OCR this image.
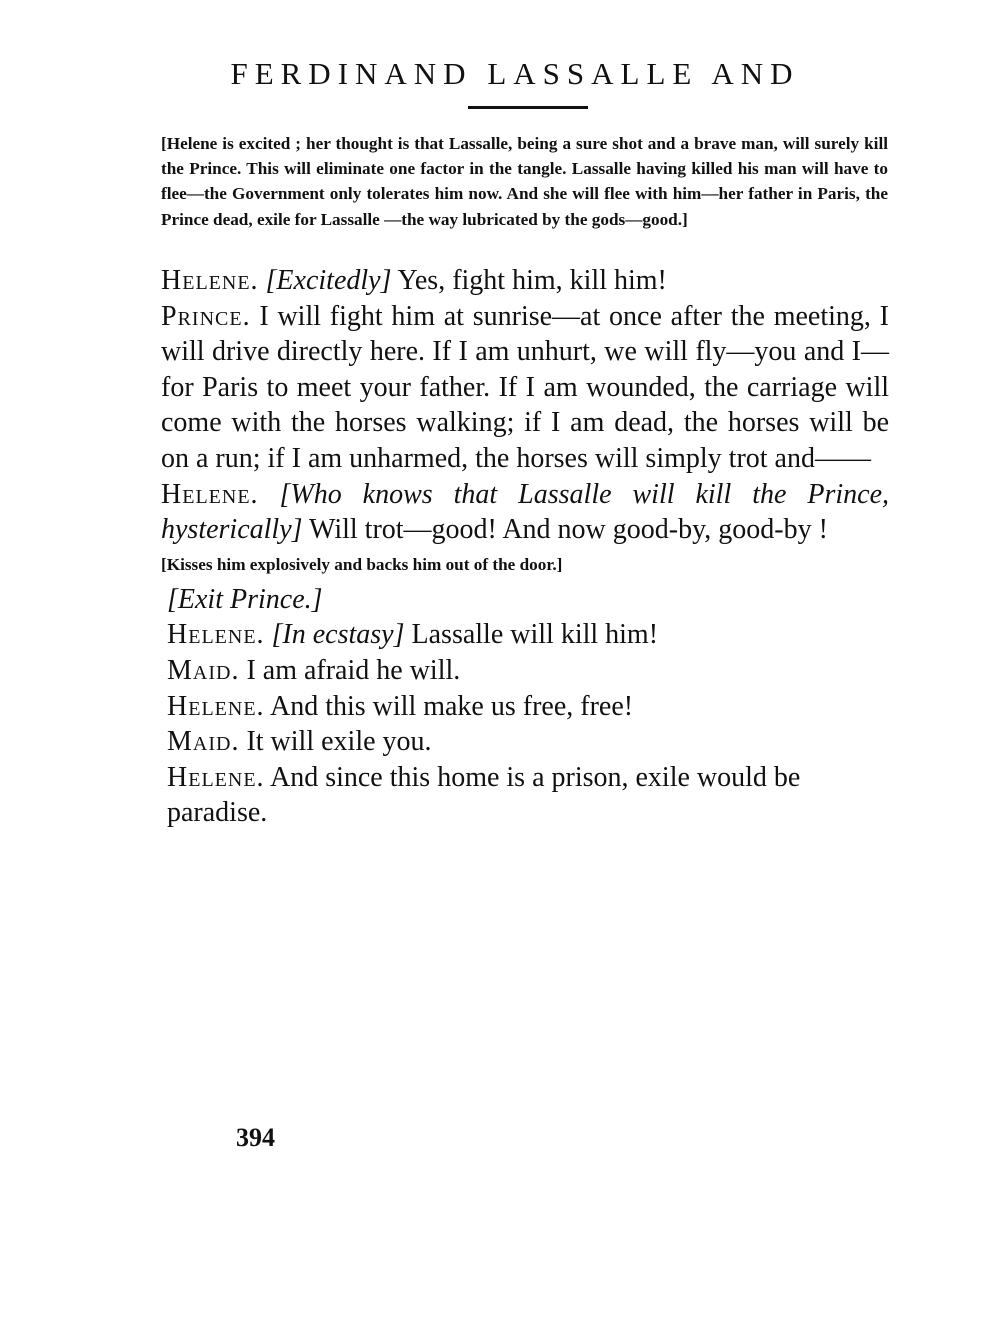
FERDINAND LASSALLE AND
[Helene is excited ; her thought is that Lassalle, being a sure shot and a brave man, will surely kill the Prince. This will eliminate one factor in the tangle. Lassalle having killed his man will have to flee—the Government only tolerates him now. And she will flee with him—her father in Paris, the Prince dead, exile for Lassalle —the way lubricated by the gods—good.]
Helene. [Excitedly] Yes, fight him, kill him!
Prince. I will fight him at sunrise—at once after the meeting, I will drive directly here. If I am unhurt, we will fly—you and I—for Paris to meet your father. If I am wounded, the carriage will come with the horses walking; if I am dead, the horses will be on a run; if I am unharmed, the horses will simply trot and——
Helene. [Who knows that Lassalle will kill the Prince, hysterically] Will trot—good! And now good-by, good-by !
[Kisses him explosively and backs him out of the door.]
[Exit Prince.]
Helene. [In ecstasy] Lassalle will kill him!
Maid. I am afraid he will.
Helene. And this will make us free, free!
Maid. It will exile you.
Helene. And since this home is a prison, exile would be paradise.
394
